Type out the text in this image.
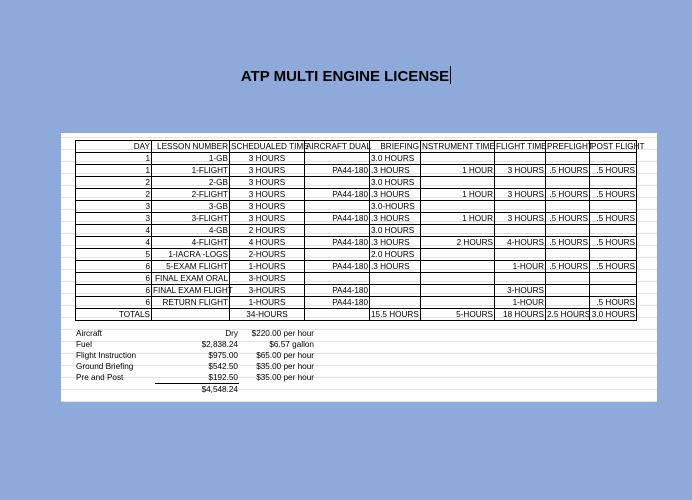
ATP MULTI ENGINE LICENSE
DAY	LESSON NUMBER	SCHEDUALED TIME	AIRCRAFT DUAL	BRIEFING	NSTRUMENT TIME	FLIGHT TIME	PREFLIGHT	POST FLIGHT
1	1-GB	3 HOURS		3.0 HOURS				
1	1-FLIGHT	3 HOURS	PA44-180	.3 HOURS	1 HOUR	3 HOURS	.5 HOURS	.5 HOURS
2	2-GB	3 HOURS		3.0 HOURS				
2	2-FLIGHT	3 HOURS	PA44-180	.3 HOURS	1 HOUR	3 HOURS	.5 HOURS	.5 HOURS
3	3-GB	3 HOURS		3.0-HOURS				
3	3-FLIGHT	3 HOURS	PA44-180	.3 HOURS	1 HOUR	3 HOURS	.5 HOURS	.5 HOURS
4	4-GB	2 HOURS		3.0 HOURS				
4	4-FLIGHT	4 HOURS	PA44-180	.3 HOURS	2 HOURS	4-HOURS	.5 HOURS	.5 HOURS
5	1-IACRA -LOGS	2-HOURS		2.0 HOURS				
6	5-EXAM FLIGHT	1-HOURS	PA44-180	.3 HOURS		1-HOUR	.5 HOURS	.5 HOURS
6	FINAL EXAM ORAL	3-HOURS						
6	FINAL EXAM FLIGHT	3-HOURS	PA44-180			3-HOURS		
6	RETURN FLIGHT	1-HOURS	PA44-180			1-HOUR		.5 HOURS
TOTALS		34-HOURS		15.5 HOURS	5-HOURS	18 HOURS	2.5 HOURS	3.0 HOURS
Aircraft	Dry	$220.00 per hour
Fuel	$2,838.24	$6.57 gallon
Flight Instruction	$975.00	$65.00 per hour
Ground Briefing	$542.50	$35.00 per hour
Pre and Post	$192.50	$35.00 per hour
	$4,548.24	
